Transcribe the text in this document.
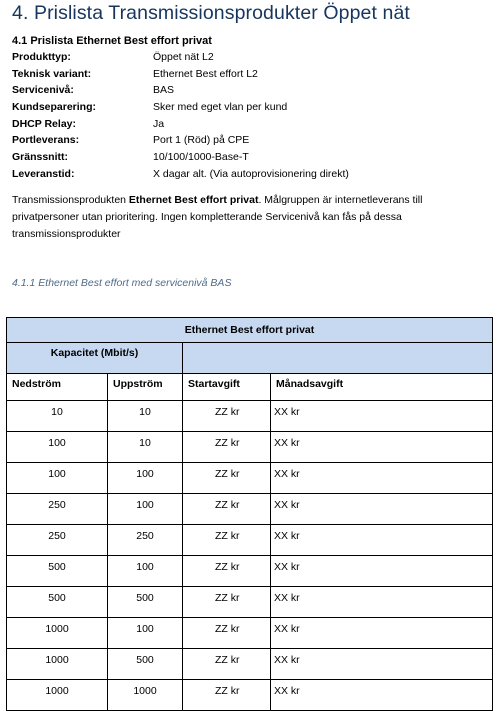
4. Prislista Transmissionsprodukter Öppet nät
4.1 Prislista Ethernet Best effort privat
Produkttyp:	Öppet nät L2
Teknisk variant:	Ethernet Best effort L2
Servicenivå:	BAS
Kundseparering:	Sker med eget vlan per kund
DHCP Relay:	Ja
Portleverans:	Port 1 (Röd) på CPE
Gränssnitt:	10/100/1000-Base-T
Leveranstid:	X dagar alt. (Via autoprovisionering direkt)
Transmissionsprodukten Ethernet Best effort privat. Målgruppen är internetleverans till privatpersoner utan prioritering. Ingen kompletterande Servicenivå kan fås på dessa transmissionsprodukter
4.1.1 Ethernet Best effort med servicenivå BAS
Ethernet Best effort privat			
Kapacitet (Mbit/s)			
Nedström	Uppström	Startavgift	Månadsavgift
10	10	ZZ kr	XX kr
100	10	ZZ kr	XX kr
100	100	ZZ kr	XX kr
250	100	ZZ kr	XX kr
250	250	ZZ kr	XX kr
500	100	ZZ kr	XX kr
500	500	ZZ kr	XX kr
1000	100	ZZ kr	XX kr
1000	500	ZZ kr	XX kr
1000	1000	ZZ kr	XX kr
